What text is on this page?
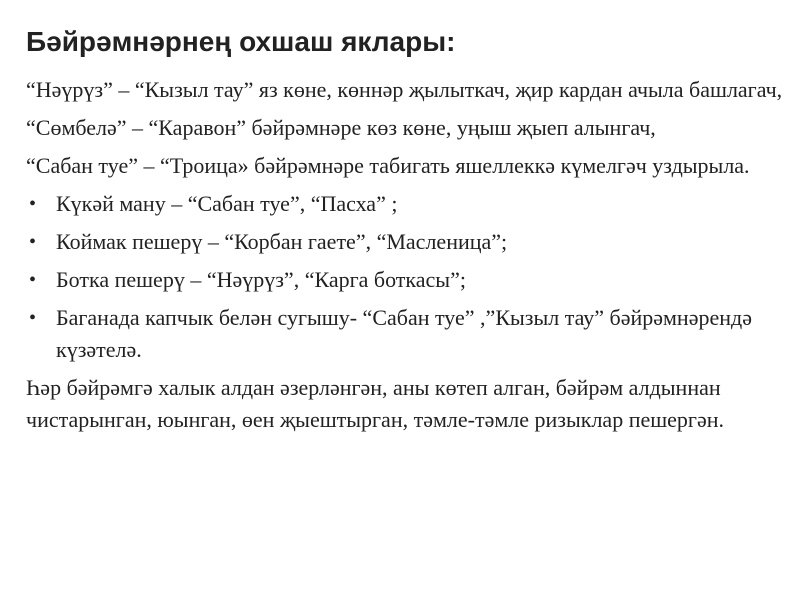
Бәйрәмнәрнең охшаш яклары:
“Нәүрүз” – “Кызыл тау” яз көне, көннәр җылыткач, җир кардан ачыла башлагач,
“Сөмбелә” – “Каравон” бәйрәмнәре көз көне, уңыш җыеп алынгач,
“Сабан туе” – “Троица» бәйрәмнәре табигать яшеллеккә күмелгәч уздырыла.
• Күкәй ману – “Сабан туе”, “Пасха” ;
• Коймак пешерү – “Корбан гаете”, “Масленица”;
• Ботка пешерү – “Нәүрүз”, “Карга боткасы”;
• Баганада капчык белән сугышу- “Сабан туе” ,”Кызыл тау” бәйрәмнәрендә күзәтелә.
Һәр бәйрәмгә халык алдан әзерләнгән, аны көтеп алган, бәйрәм алдыннан чистарынган, юынган, өен җыештырган, тәмле-тәмле ризыклар пешергән.
